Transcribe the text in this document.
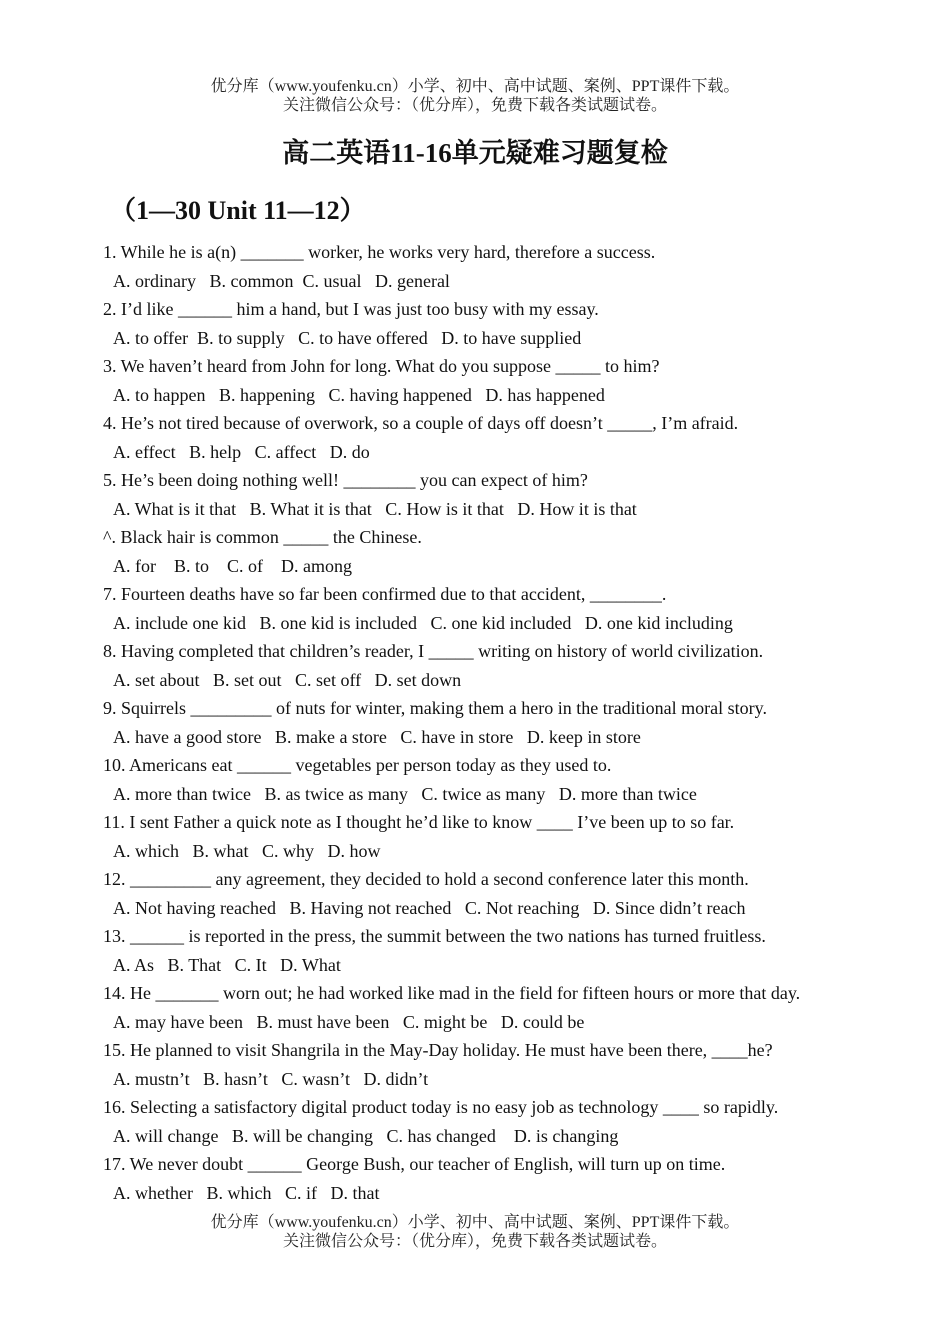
优分库（www.youfenku.cn）小学、初中、高中试题、案例、PPT课件下载。
关注微信公众号：（优分库），免费下载各类试题试卷。
高二英语11-16单元疑难习题复检
（1—30 Unit 11—12）
1. While he is a(n) _______ worker, he works very hard, therefore a success.
A. ordinary   B. common  C. usual   D. general
2. I’d like ______ him a hand, but I was just too busy with my essay.
A. to offer  B. to supply   C. to have offered   D. to have supplied
3. We haven’t heard from John for long. What do you suppose _____ to him?
A. to happen   B. happening   C. having happened   D. has happened
4. He’s not tired because of overwork, so a couple of days off doesn’t _____, I’m afraid.
A. effect   B. help   C. affect   D. do
5. He’s been doing nothing well! ________ you can expect of him?
A. What is it that   B. What it is that   C. How is it that   D. How it is that
^. Black hair is common _____ the Chinese.
A. for    B. to    C. of    D. among
7. Fourteen deaths have so far been confirmed due to that accident, ________.
A. include one kid   B. one kid is included   C. one kid included   D. one kid including
8. Having completed that children’s reader, I _____ writing on history of world civilization.
A. set about   B. set out   C. set off   D. set down
9. Squirrels _________ of nuts for winter, making them a hero in the traditional moral story.
A. have a good store   B. make a store   C. have in store   D. keep in store
10. Americans eat ______ vegetables per person today as they used to.
A. more than twice   B. as twice as many   C. twice as many   D. more than twice
11. I sent Father a quick note as I thought he’d like to know ____ I’ve been up to so far.
A. which   B. what   C. why   D. how
12. _________ any agreement, they decided to hold a second conference later this month.
A. Not having reached   B. Having not reached   C. Not reaching   D. Since didn’t reach
13. ______ is reported in the press, the summit between the two nations has turned fruitless.
A. As   B. That   C. It   D. What
14. He _______ worn out; he had worked like mad in the field for fifteen hours or more that day.
A. may have been   B. must have been   C. might be   D. could be
15. He planned to visit Shangrila in the May-Day holiday. He must have been there, ____he?
A. mustn’t   B. hasn’t   C. wasn’t   D. didn’t
16. Selecting a satisfactory digital product today is no easy job as technology ____ so rapidly.
A. will change   B. will be changing   C. has changed    D. is changing
17. We never doubt ______ George Bush, our teacher of English, will turn up on time.
A. whether   B. which   C. if   D. that
优分库（www.youfenku.cn）小学、初中、高中试题、案例、PPT课件下载。
关注微信公众号：（优分库），免费下载各类试题试卷。
